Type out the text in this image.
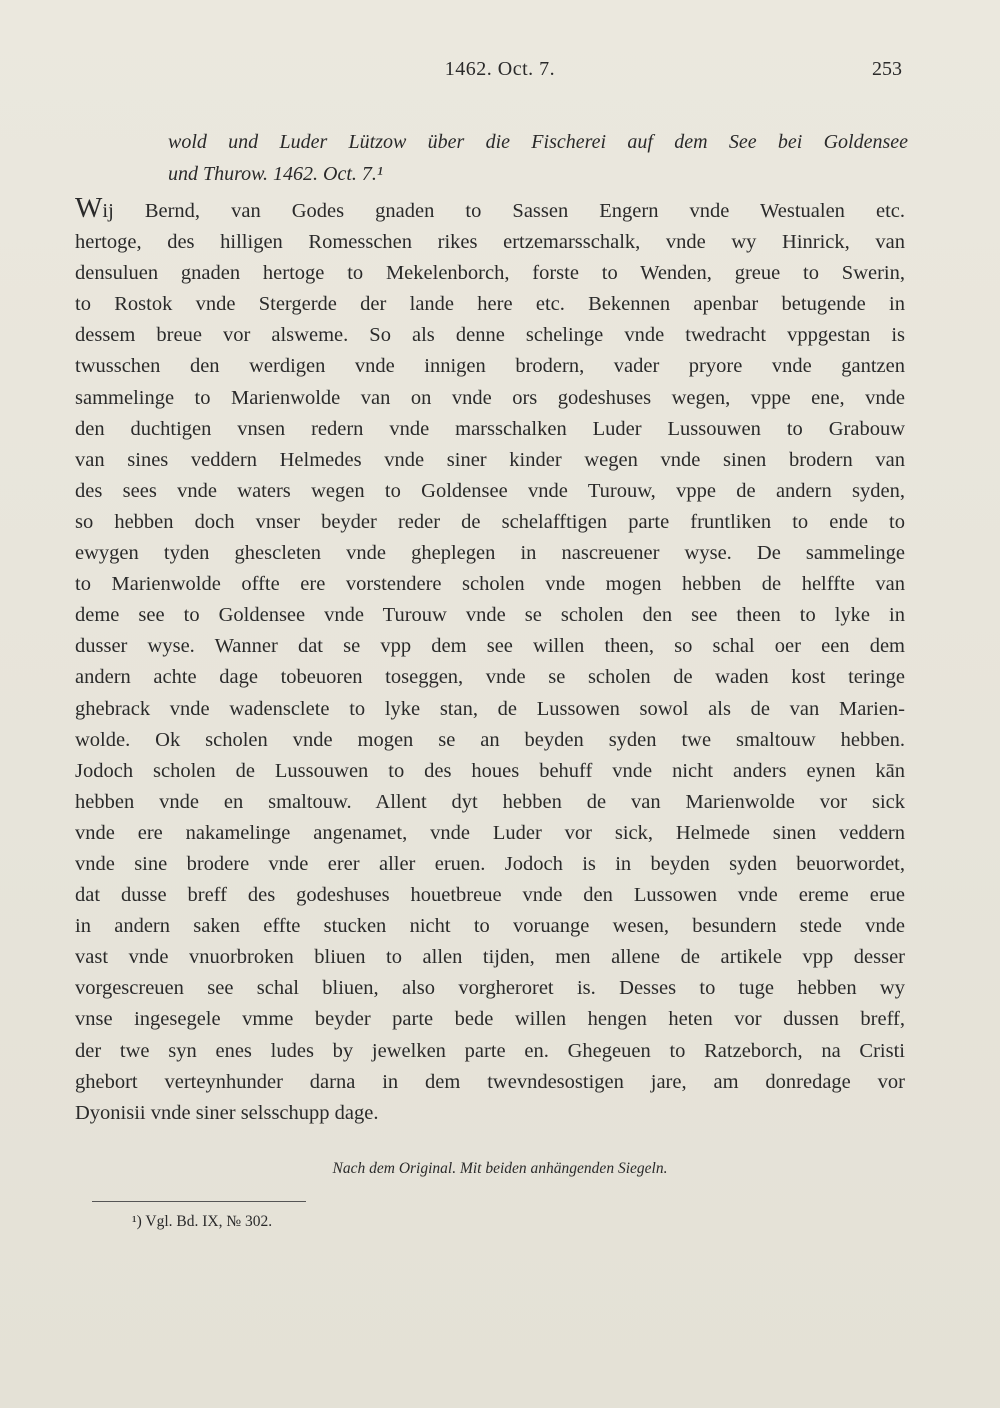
1462. Oct. 7.	253
wold und Luder Lützow über die Fischerei auf dem See bei Goldensee
und Thurow. 1462. Oct. 7.¹
Wij Bernd, van Godes gnaden to Sassen Engern vnde Westualen etc.
hertoge, des hilligen Romesschen rikes ertzemarsschalk, vnde wy Hinrick, van
densuluen gnaden hertoge to Mekelenborch, forste to Wenden, greue to Swerin,
to Rostok vnde Stergerde der lande here etc. Bekennen apenbar betugende in
dessem breue vor alsweme. So als denne schelinge vnde twedracht vppgestan is
twusschen den werdigen vnde innigen brodern, vader pryore vnde gantzen
sammelinge to Marienwolde van on vnde ors godeshuses wegen, vppe ene, vnde
den duchtigen vnsen redern vnde marsschalken Luder Lussouwen to Grabouw
van sines veddern Helmedes vnde siner kinder wegen vnde sinen brodern van
des sees vnde waters wegen to Goldensee vnde Turouw, vppe de andern syden,
so hebben doch vnser beyder reder de schelafftigen parte fruntliken to ende to
ewygen tyden ghescleten vnde gheplegen in nascreuener wyse. De sammelinge
to Marienwolde offte ere vorstendere scholen vnde mogen hebben de helffte van
deme see to Goldensee vnde Turouw vnde se scholen den see theen to lyke in
dusser wyse. Wanner dat se vpp dem see willen theen, so schal oer een dem
andern achte dage tobeuoren toseggen, vnde se scholen de waden kost teringe
ghebrack vnde wadensclete to lyke stan, de Lussowen sowol als de van Marien-
wolde. Ok scholen vnde mogen se an beyden syden twe smaltouw hebben.
Jodoch scholen de Lussouwen to des houes behuff vnde nicht anders eynen kān
hebben vnde en smaltouw. Allent dyt hebben de van Marienwolde vor sick
vnde ere nakamelinge angenamet, vnde Luder vor sick, Helmede sinen veddern
vnde sine brodere vnde erer aller eruen. Jodoch is in beyden syden beuorwordet,
dat dusse breff des godeshuses houetbreue vnde den Lussowen vnde ereme erue
in andern saken effte stucken nicht to voruange wesen, besundern stede vnde
vast vnde vnuorbroken bliuen to allen tijden, men allene de artikele vpp desser
vorgescreuen see schal bliuen, also vorgheroret is. Desses to tuge hebben wy
vnse ingesegele vmme beyder parte bede willen hengen heten vor dussen breff,
der twe syn enes ludes by jewelken parte en. Ghegeuen to Ratzeborch, na Cristi
ghebort verteynhunder darna in dem twevndesostigen jare, am donredage vor
Dyonisii vnde siner selsschupp dage.
Nach dem Original. Mit beiden anhängenden Siegeln.
¹) Vgl. Bd. IX, № 302.
